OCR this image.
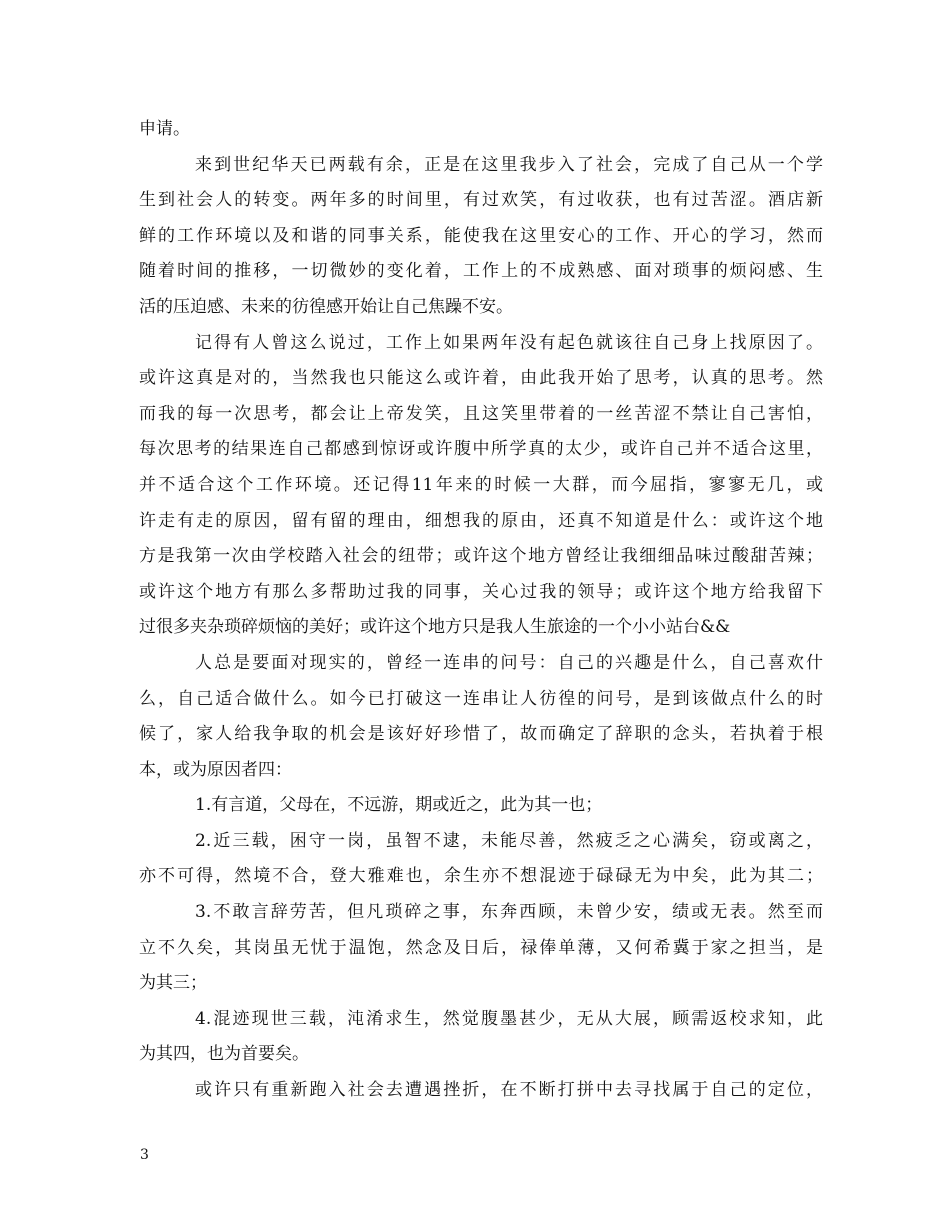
申请。
来到世纪华天已两载有余，正是在这里我步入了社会，完成了自己从一个学
生到社会人的转变。两年多的时间里，有过欢笑，有过收获，也有过苦涩。酒店新
鲜的工作环境以及和谐的同事关系，能使我在这里安心的工作、开心的学习，然而
随着时间的推移，一切微妙的变化着，工作上的不成熟感、面对琐事的烦闷感、生
活的压迫感、未来的彷徨感开始让自己焦躁不安。
记得有人曾这么说过，工作上如果两年没有起色就该往自己身上找原因了。
或许这真是对的，当然我也只能这么或许着，由此我开始了思考，认真的思考。然
而我的每一次思考，都会让上帝发笑，且这笑里带着的一丝苦涩不禁让自己害怕，
每次思考的结果连自己都感到惊讶或许腹中所学真的太少，或许自己并不适合这里，
并不适合这个工作环境。还记得11年来的时候一大群，而今屈指，寥寥无几，或
许走有走的原因，留有留的理由，细想我的原由，还真不知道是什么：或许这个地
方是我第一次由学校踏入社会的纽带；或许这个地方曾经让我细细品味过酸甜苦辣；
或许这个地方有那么多帮助过我的同事，关心过我的领导；或许这个地方给我留下
过很多夹杂琐碎烦恼的美好；或许这个地方只是我人生旅途的一个小小站台&&
人总是要面对现实的，曾经一连串的问号：自己的兴趣是什么，自己喜欢什
么，自己适合做什么。如今已打破这一连串让人彷徨的问号，是到该做点什么的时
候了，家人给我争取的机会是该好好珍惜了，故而确定了辞职的念头，若执着于根
本，或为原因者四：
1.有言道，父母在，不远游，期或近之，此为其一也；
2.近三载，困守一岗，虽智不逮，未能尽善，然疲乏之心满矣，窃或离之，
亦不可得，然境不合，登大雅难也，余生亦不想混迹于碌碌无为中矣，此为其二；
3.不敢言辞劳苦，但凡琐碎之事，东奔西顾，未曾少安，绩或无表。然至而
立不久矣，其岗虽无忧于温饱，然念及日后，禄俸单薄，又何希冀于家之担当，是
为其三；
4.混迹现世三载，沌淆求生，然觉腹墨甚少，无从大展，顾需返校求知，此
为其四，也为首要矣。
或许只有重新跑入社会去遭遇挫折，在不断打拼中去寻找属于自己的定位，
3
